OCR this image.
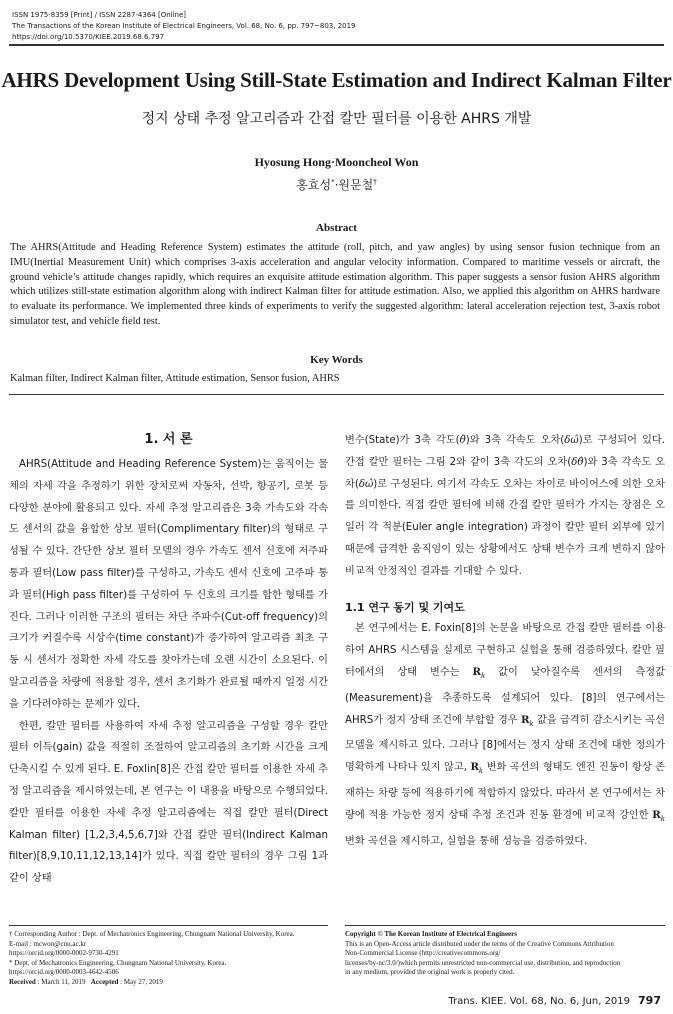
ISSN 1975-8359 [Print] / ISSN 2287-4364 [Online]
The Transactions of the Korean Institute of Electrical Engineers, Vol. 68, No. 6, pp. 797~803, 2019
https://doi.org/10.5370/KIEE.2019.68.6.797
AHRS Development Using Still-State Estimation and Indirect Kalman Filter
정지 상태 추정 알고리즘과 간접 칼만 필터를 이용한 AHRS 개발
Hyosung Hong·Mooncheol Won
홍효성*·원문철†
Abstract
The AHRS(Attitude and Heading Reference System) estimates the attitude (roll, pitch, and yaw angles) by using sensor fusion technique from an IMU(Inertial Measurement Unit) which comprises 3-axis acceleration and angular velocity information. Compared to maritime vessels or aircraft, the ground vehicle’s attitude changes rapidly, which requires an exquisite attitude estimation algorithm. This paper suggests a sensor fusion AHRS algorithm which utilizes still-state estimation algorithm along with indirect Kalman filter for attitude estimation. Also, we applied this algorithm on AHRS hardware to evaluate its performance. We implemented three kinds of experiments to verify the suggested algorithm: lateral acceleration rejection test, 3-axis robot simulator test, and vehicle field test.
Key Words
Kalman filter, Indirect Kalman filter, Attitude estimation, Sensor fusion, AHRS
1. 서 론

AHRS(Attitude and Heading Reference System)는 움직이는 물체의 자세 각을 추정하기 위한 장치로써 자동차, 선박, 항공기, 로봇 등 다양한 분야에 활용되고 있다. 자세 추정 알고리즘은 3축 가속도와 각속도 센서의 값을 융합한 상보 필터(Complimentary filter)의 형태로 구성될 수 있다. 간단한 상보 필터 모델의 경우 가속도 센서 신호에 저주파 통과 필터(Low pass filter)를 구성하고, 가속도 센서 신호에 고주파 통과 필터(High pass filter)를 구성하여 두 신호의 크기를 합한 형태를 가진다. 그러나 이러한 구조의 필터는 차단 주파수(Cut-off frequency)의 크기가 커질수록 시상수(time constant)가 증가하여 알고리즘 최초 구동 시 센서가 정확한 자세 각도를 찾아가는데 오랜 시간이 소요된다. 이 알고리즘을 차량에 적용할 경우, 센서 초기화가 완료될 때까지 일정 시간을 기다려야하는 문제가 있다.

한편, 칼만 필터를 사용하여 자세 추정 알고리즘을 구성할 경우 칼만 필터 이득(gain) 값을 적절히 조절하여 알고리즘의 초기화 시간을 크게 단축시킬 수 있게 된다. E. Foxlin[8]은 간접 칼만 필터를 이용한 자세 추정 알고리즘을 제시하였는데, 본 연구는 이 내용을 바탕으로 수행되었다. 칼만 필터를 이용한 자세 추정 알고리즘에는 직접 칼만 필터(Direct Kalman filter) [1,2,3,4,5,6,7]와 간접 칼만 필터(Indirect Kalman filter)[8,9,10,11,12,13,14]가 있다. 직접 칼만 필터의 경우 그림 1과 같이 상태

변수(State)가 3축 각도(θ̂)와 3축 각속도 오차(δω̂)로 구성되어 있다. 간접 칼만 필터는 그림 2와 같이 3축 각도의 오차(δθ̂)와 3축 각속도 오차(δω̂)로 구성된다. 여기서 각속도 오차는 자이로 바이어스에 의한 오차를 의미한다. 직접 칼만 필터에 비해 간접 칼만 필터가 가지는 장점은 오일러 각 적분(Euler angle integration) 과정이 칼만 필터 외부에 있기 때문에 급격한 움직임이 있는 상황에서도 상태 변수가 크게 변하지 않아 비교적 안정적인 결과를 기대할 수 있다.

1.1 연구 동기 및 기여도

본 연구에서는 E. Foxin[8]의 논문을 바탕으로 간접 칼만 필터를 이용하여 AHRS 시스템을 실제로 구현하고 실험을 통해 검증하였다. 칼만 필터에서의 상태 변수는 $R_k$ 값이 낮아질수록 센서의 측정값(Measurement)을 추종하도록 설계되어 있다. [8]의 연구에서는 AHRS가 정지 상태 조건에 부합할 경우 $R_k$ 값을 급격히 감소시키는 곡선 모델을 제시하고 있다. 그러나 [8]에서는 정지 상태 조건에 대한 정의가 명확하게 나타나 있지 않고, $R_k$ 변화 곡선의 형태도 엔진 진동이 항상 존재하는 차량 등에 적용하기에 적합하지 않았다. 따라서 본 연구에서는 차량에 적용 가능한 정지 상태 추정 조건과 진동 환경에 비교적 강인한 $R_k$ 변화 곡선을 제시하고, 실험을 통해 성능을 검증하였다.

† Corresponding Author : Dept. of Mechatronics Engineering, Chungnam National University, Korea.
E-mail : mcwon@cnu.ac.kr
https://orcid.org/0000-0002-9730-4291
* Dept. of Mechatronics Engineering, Chungnam National University, Korea.
https://orcid.org/0000-0003-4642-4506
Received : March 11, 2019 Accepted : May 27, 2019
Copyright © The Korean Institute of Electrical Engineers
This is an Open-Access article distributed under the terms of the Creative Commons Attribution
Non-Commercial License (http://creativecommons.org/
licenses/by-nc/3.0/)which permits unrestricted non-commercial use, distribution, and reproduction
in any medium, provided the original work is properly cited.
Trans. KIEE. Vol. 68, No. 6, Jun, 2019 797
